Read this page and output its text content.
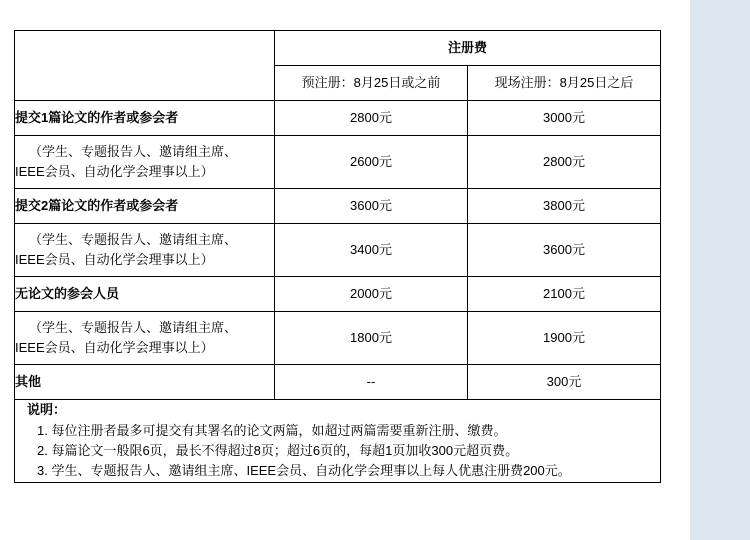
	注册费	
	预注册：8月25日或之前	现场注册：8月25日之后
提交1篇论文的作者或参会者	2800元	3000元

（学生、专题报告人、邀请组主席、
IEEE会员、自动化学会理事以上）	2600元	2800元
提交2篇论文的作者或参会者	3600元	3800元

（学生、专题报告人、邀请组主席、
IEEE会员、自动化学会理事以上）	3400元	3600元
无论文的参会人员	2000元	2100元

（学生、专题报告人、邀请组主席、
IEEE会员、自动化学会理事以上）	1800元	1900元
其他	--	300元

说明：
1. 每位注册者最多可提交有其署名的论文两篇，如超过两篇需要重新注册、缴费。
2. 每篇论文一般限6页，最长不得超过8页；超过6页的，每超1页加收300元超页费。
3. 学生、专题报告人、邀请组主席、IEEE会员、自动化学会理事以上每人优惠注册费200元。		
